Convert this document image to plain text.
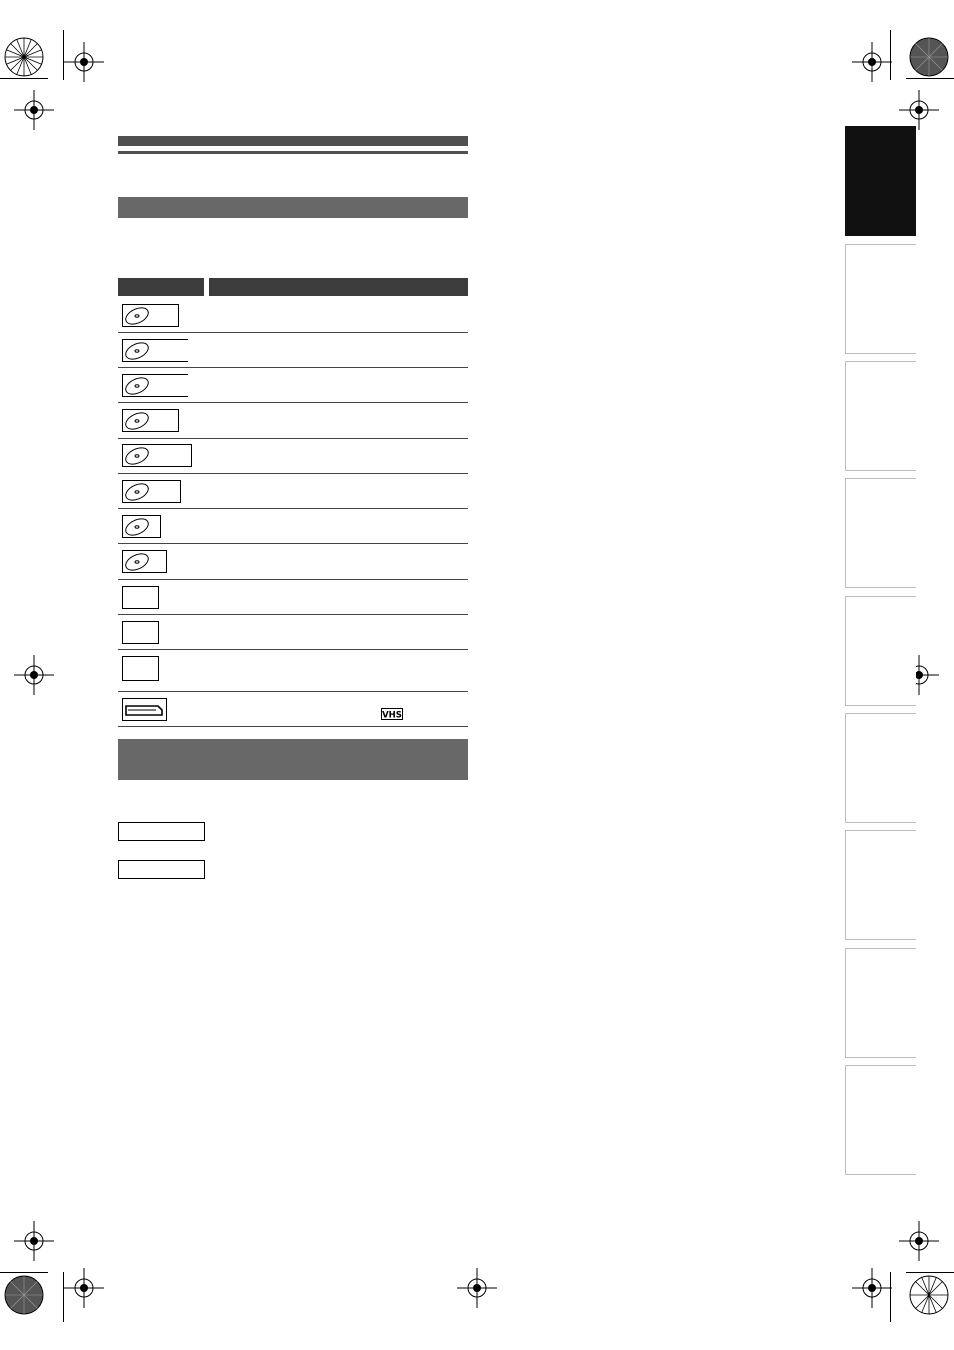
VHS
